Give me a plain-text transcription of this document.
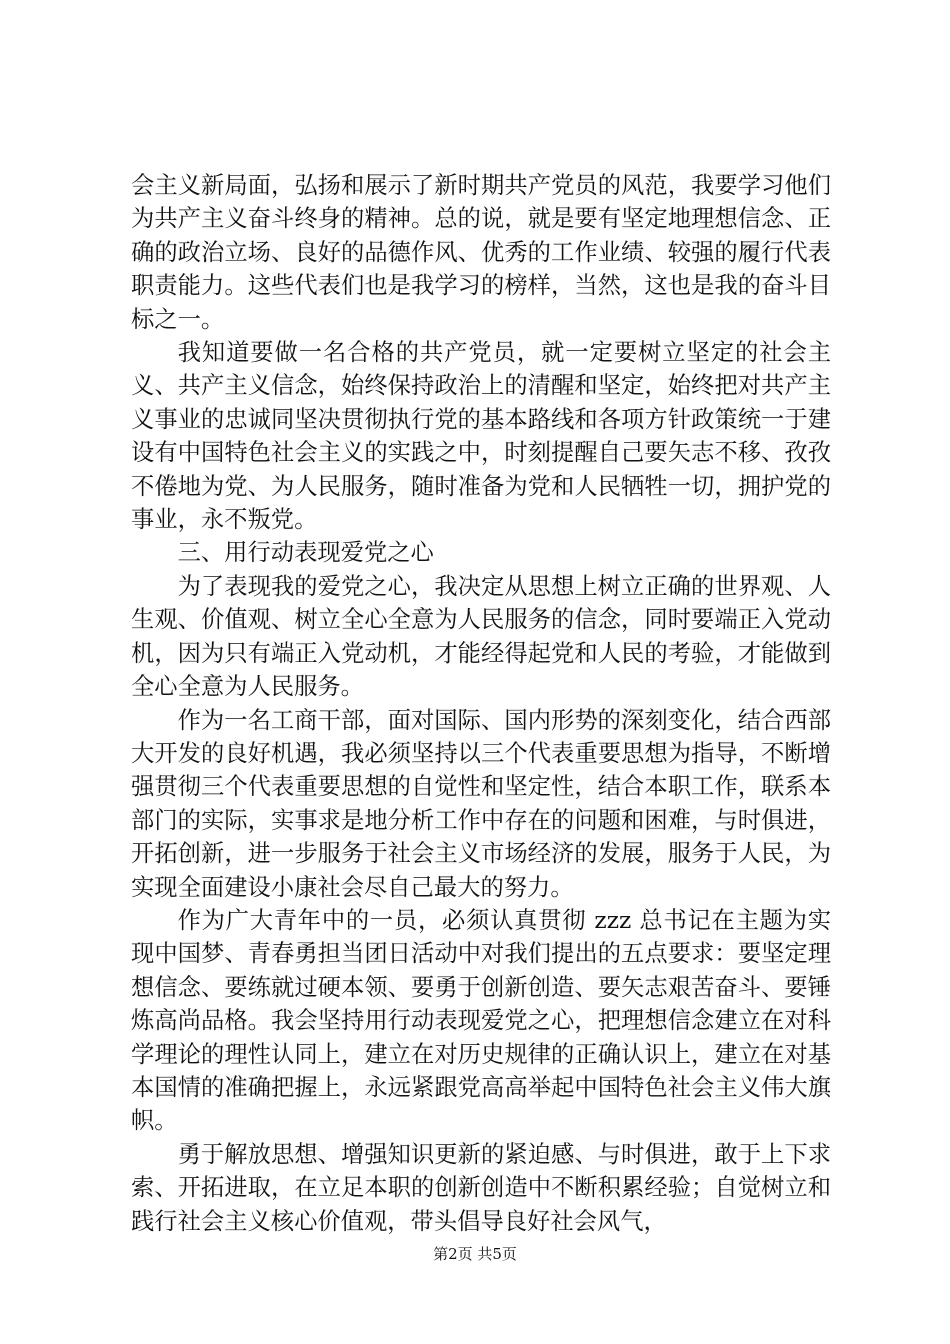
会主义新局面，弘扬和展示了新时期共产党员的风范，我要学习他们为共产主义奋斗终身的精神。总的说，就是要有坚定地理想信念、正确的政治立场、良好的品德作风、优秀的工作业绩、较强的履行代表职责能力。这些代表们也是我学习的榜样，当然，这也是我的奋斗目标之一。

我知道要做一名合格的共产党员，就一定要树立坚定的社会主义、共产主义信念，始终保持政治上的清醒和坚定，始终把对共产主义事业的忠诚同坚决贯彻执行党的基本路线和各项方针政策统一于建设有中国特色社会主义的实践之中，时刻提醒自己要矢志不移、孜孜不倦地为党、为人民服务，随时准备为党和人民牺牲一切，拥护党的事业，永不叛党。

三、用行动表现爱党之心

为了表现我的爱党之心，我决定从思想上树立正确的世界观、人生观、价值观、树立全心全意为人民服务的信念，同时要端正入党动机，因为只有端正入党动机，才能经得起党和人民的考验，才能做到全心全意为人民服务。

作为一名工商干部，面对国际、国内形势的深刻变化，结合西部大开发的良好机遇，我必须坚持以三个代表重要思想为指导，不断增强贯彻三个代表重要思想的自觉性和坚定性，结合本职工作，联系本部门的实际，实事求是地分析工作中存在的问题和困难，与时俱进，开拓创新，进一步服务于社会主义市场经济的发展，服务于人民，为实现全面建设小康社会尽自己最大的努力。

作为广大青年中的一员，必须认真贯彻 zzz 总书记在主题为实现中国梦、青春勇担当团日活动中对我们提出的五点要求：要坚定理想信念、要练就过硬本领、要勇于创新创造、要矢志艰苦奋斗、要锤炼高尚品格。我会坚持用行动表现爱党之心，把理想信念建立在对科学理论的理性认同上，建立在对历史规律的正确认识上，建立在对基本国情的准确把握上，永远紧跟党高高举起中国特色社会主义伟大旗帜。

勇于解放思想、增强知识更新的紧迫感、与时俱进，敢于上下求索、开拓进取，在立足本职的创新创造中不断积累经验；自觉树立和践行社会主义核心价值观，带头倡导良好社会风气，

第2页 共5页
